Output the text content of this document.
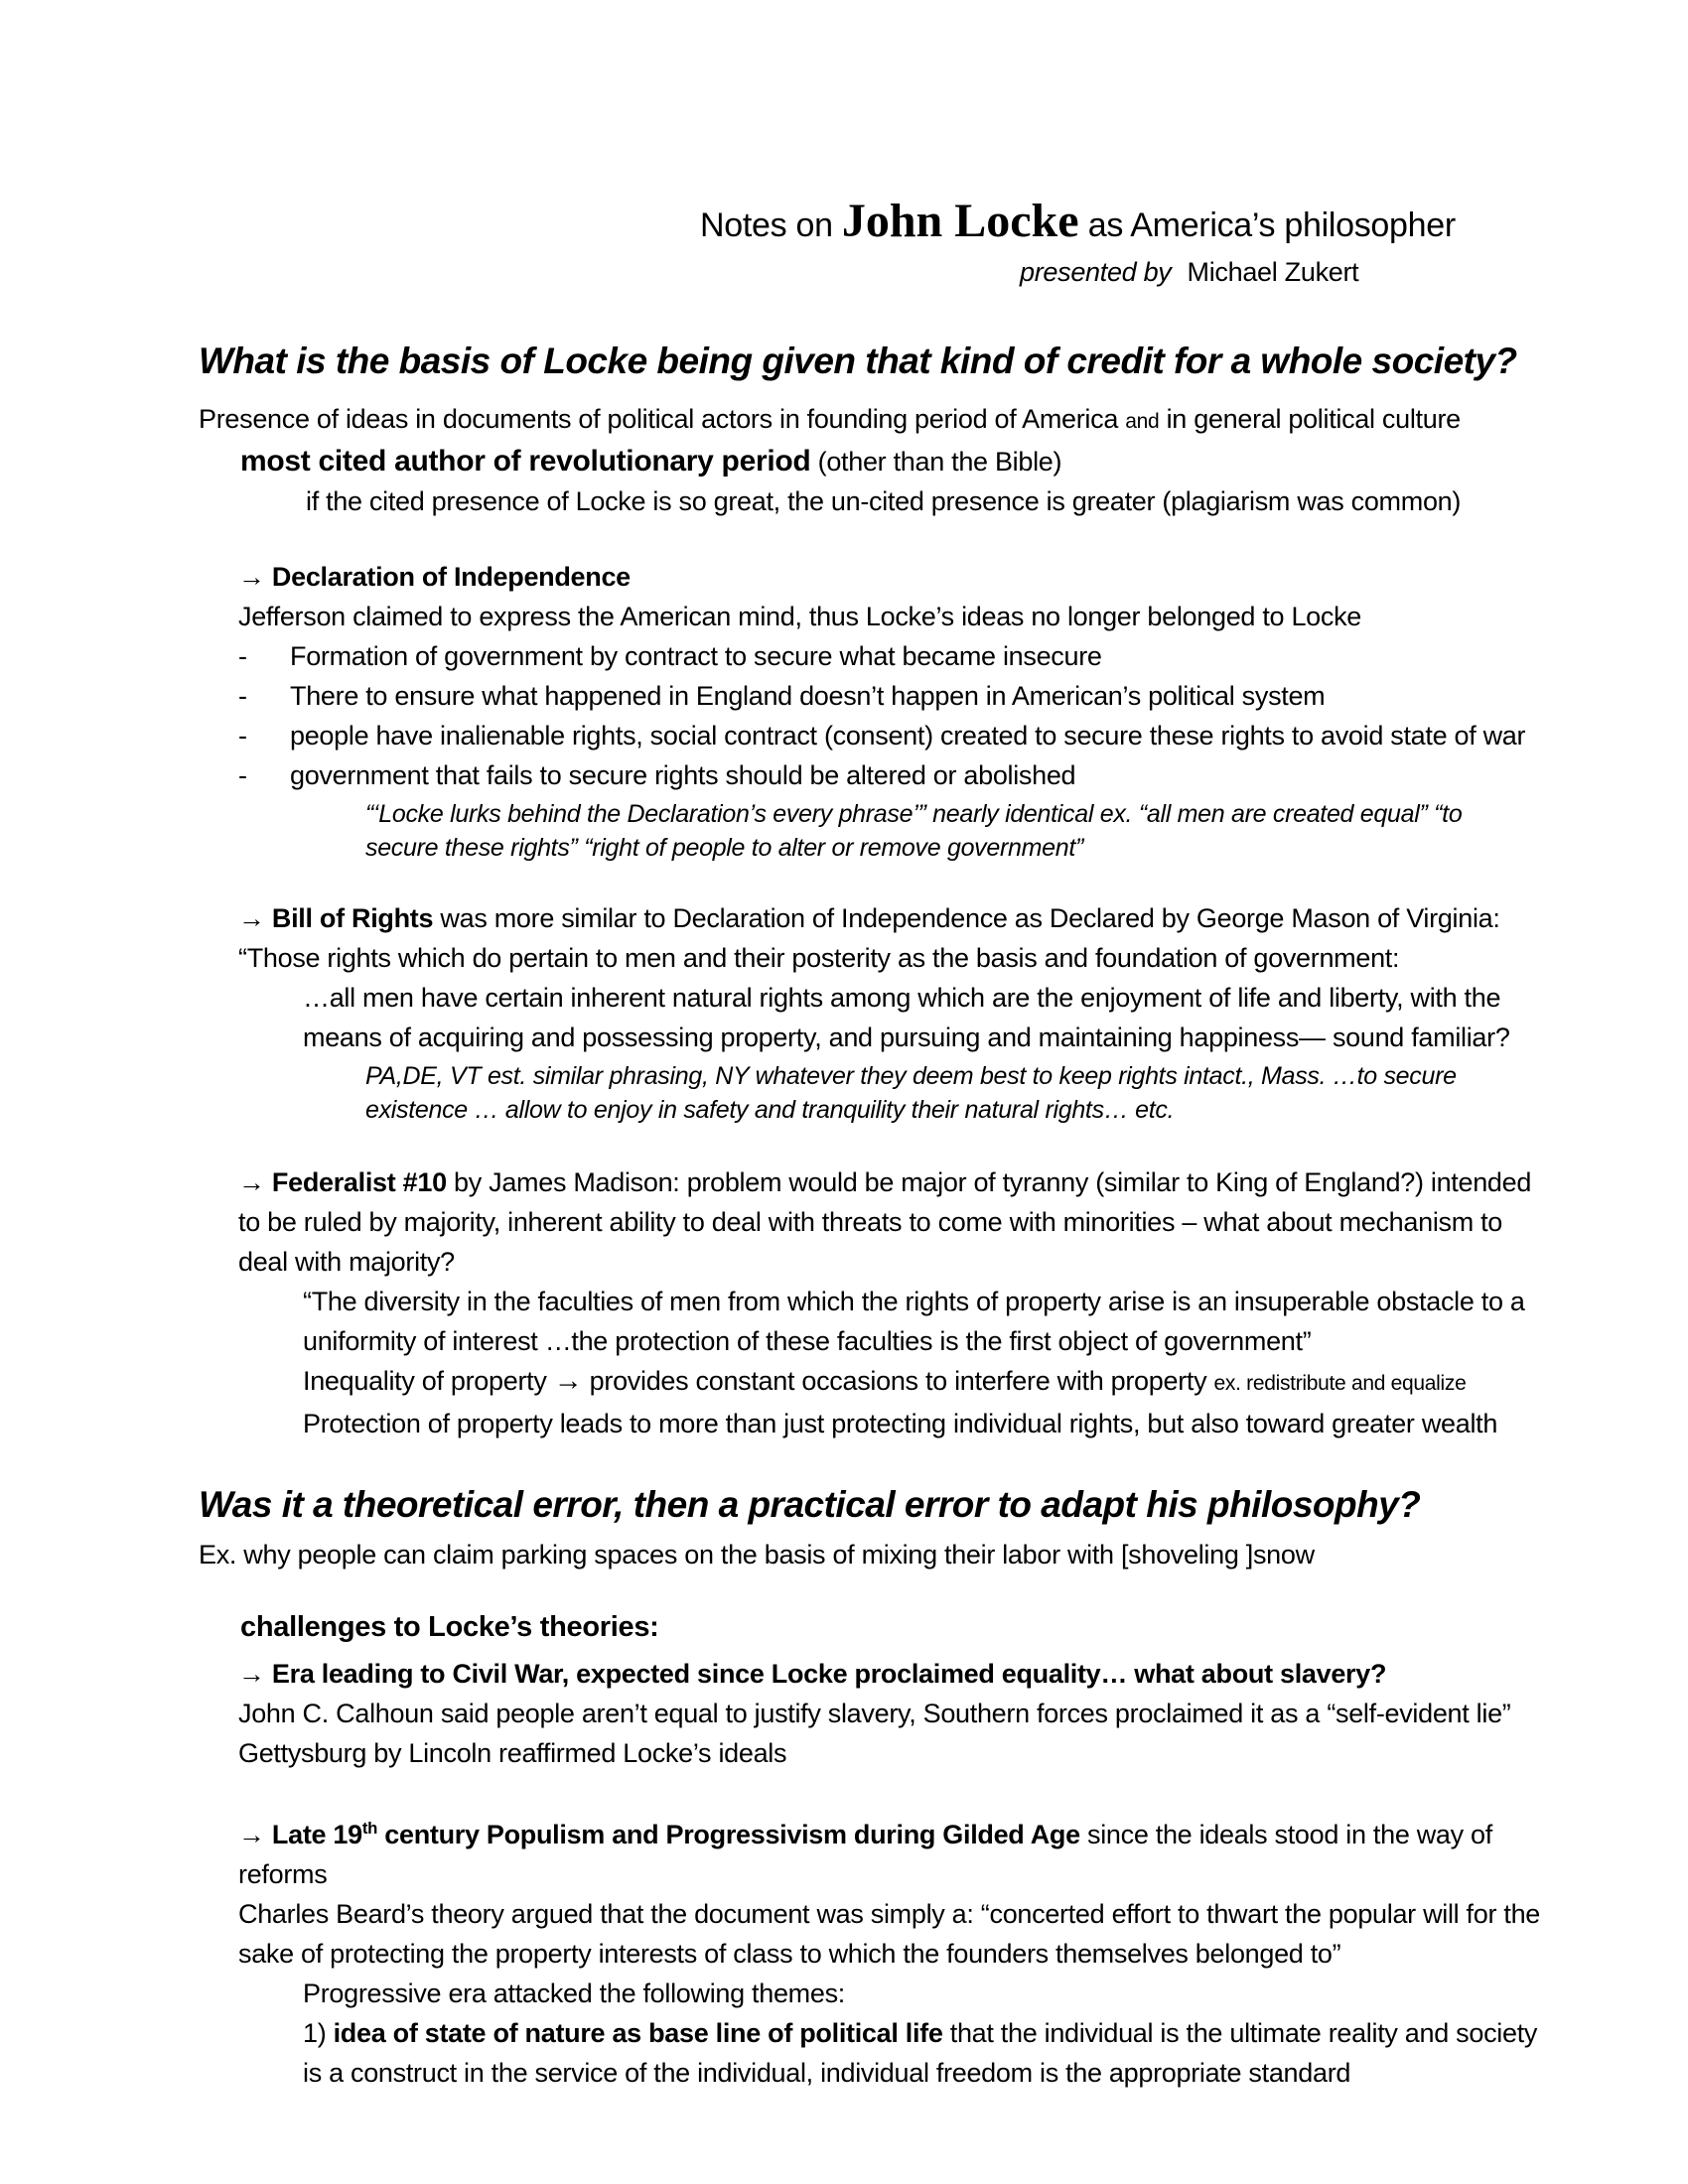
Notes on John Locke as America’s philosopher
presented by Michael Zukert
What is the basis of Locke being given that kind of credit for a whole society?
Presence of ideas in documents of political actors in founding period of America and in general political culture
most cited author of revolutionary period (other than the Bible)
if the cited presence of Locke is so great, the un-cited presence is greater (plagiarism was common)
→ Declaration of Independence
Jefferson claimed to express the American mind, thus Locke’s ideas no longer belonged to Locke
-	Formation of government by contract to secure what became insecure
-	There to ensure what happened in England doesn’t happen in American’s political system
-	people have inalienable rights, social contract (consent) created to secure these rights to avoid state of war
-	government that fails to secure rights should be altered or abolished
“‘Locke lurks behind the Declaration’s every phrase’” nearly identical ex. “all men are created equal” “to secure these rights” “right of people to alter or remove government”
→ Bill of Rights was more similar to Declaration of Independence as Declared by George Mason of Virginia:
“Those rights which do pertain to men and their posterity as the basis and foundation of government:
…all men have certain inherent natural rights among which are the enjoyment of life and liberty, with the means of acquiring and possessing property, and pursuing and maintaining happiness— sound familiar?
PA,DE, VT est. similar phrasing, NY whatever they deem best to keep rights intact., Mass. …to secure existence … allow to enjoy in safety and tranquility their natural rights… etc.
→ Federalist #10 by James Madison: problem would be major of tyranny (similar to King of England?) intended to be ruled by majority, inherent ability to deal with threats to come with minorities – what about mechanism to deal with majority?
“The diversity in the faculties of men from which the rights of property arise is an insuperable obstacle to a uniformity of interest …the protection of these faculties is the first object of government”
Inequality of property → provides constant occasions to interfere with property ex. redistribute and equalize
Protection of property leads to more than just protecting individual rights, but also toward greater wealth
Was it a theoretical error, then a practical error to adapt his philosophy?
Ex. why people can claim parking spaces on the basis of mixing their labor with [shoveling ]snow
challenges to Locke’s theories:
→ Era leading to Civil War, expected since Locke proclaimed equality… what about slavery?
John C. Calhoun said people aren’t equal to justify slavery, Southern forces proclaimed it as a “self-evident lie”
Gettysburg by Lincoln reaffirmed Locke’s ideals
→ Late 19th century Populism and Progressivism during Gilded Age since the ideals stood in the way of reforms
Charles Beard’s theory argued that the document was simply a: “concerted effort to thwart the popular will for the sake of protecting the property interests of class to which the founders themselves belonged to”
Progressive era attacked the following themes:
1) idea of state of nature as base line of political life that the individual is the ultimate reality and society is a construct in the service of the individual, individual freedom is the appropriate standard
